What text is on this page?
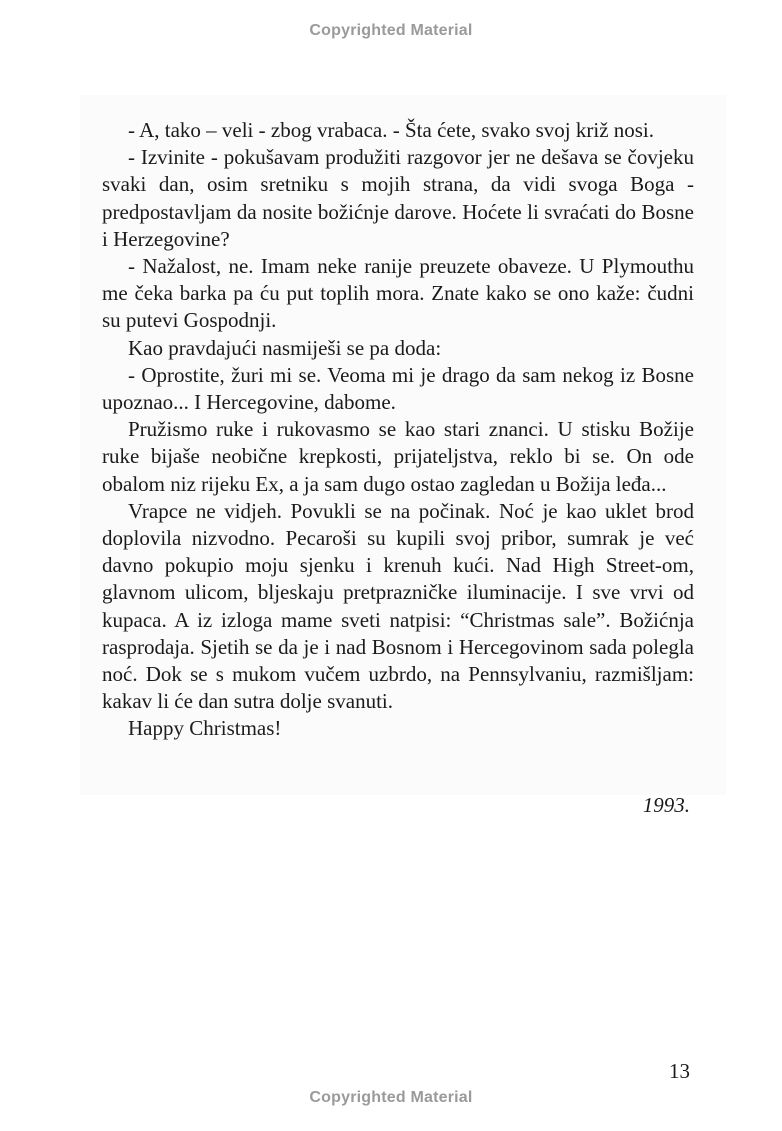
Copyrighted Material

- A, tako – veli - zbog vrabaca. - Šta ćete, svako svoj križ nosi.

- Izvinite - pokušavam produžiti razgovor jer ne dešava se čovjeku svaki dan, osim sretniku s mojih strana, da vidi svoga Boga - predpostavljam da nosite božićnje darove. Hoćete li svraćati do Bosne i Herzegovine?

- Nažalost, ne. Imam neke ranije preuzete obaveze. U Plymouthu me čeka barka pa ću put toplih mora. Znate kako se ono kaže: čudni su putevi Gospodnji.

Kao pravdajući nasmiješi se pa doda:

- Oprostite, žuri mi se. Veoma mi je drago da sam nekog iz Bosne upoznao... I Hercegovine, dabome.

Pružismo ruke i rukovasmo se kao stari znanci. U stisku Božije ruke bijaše neobične krepkosti, prijateljstva, reklo bi se. On ode obalom niz rijeku Ex, a ja sam dugo ostao zagledan u Božija leđa...

Vrapce ne vidjeh. Povukli se na počinak. Noć je kao uklet brod doplovila nizvodno. Pecaroši su kupili svoj pribor, sumrak je već davno pokupio moju sjenku i krenuh kući. Nad High Street-om, glavnom ulicom, bljeskaju pretprazničke iluminacije. I sve vrvi od kupaca. A iz izloga mame sveti natpisi: “Christmas sale”. Božićnja rasprodaja. Sjetih se da je i nad Bosnom i Hercegovinom sada polegla noć. Dok se s mukom vučem uzbrdo, na Pennsylvaniu, razmišljam: kakav li će dan sutra dolje svanuti.

Happy Christmas!

1993.
13
Copyrighted Material
